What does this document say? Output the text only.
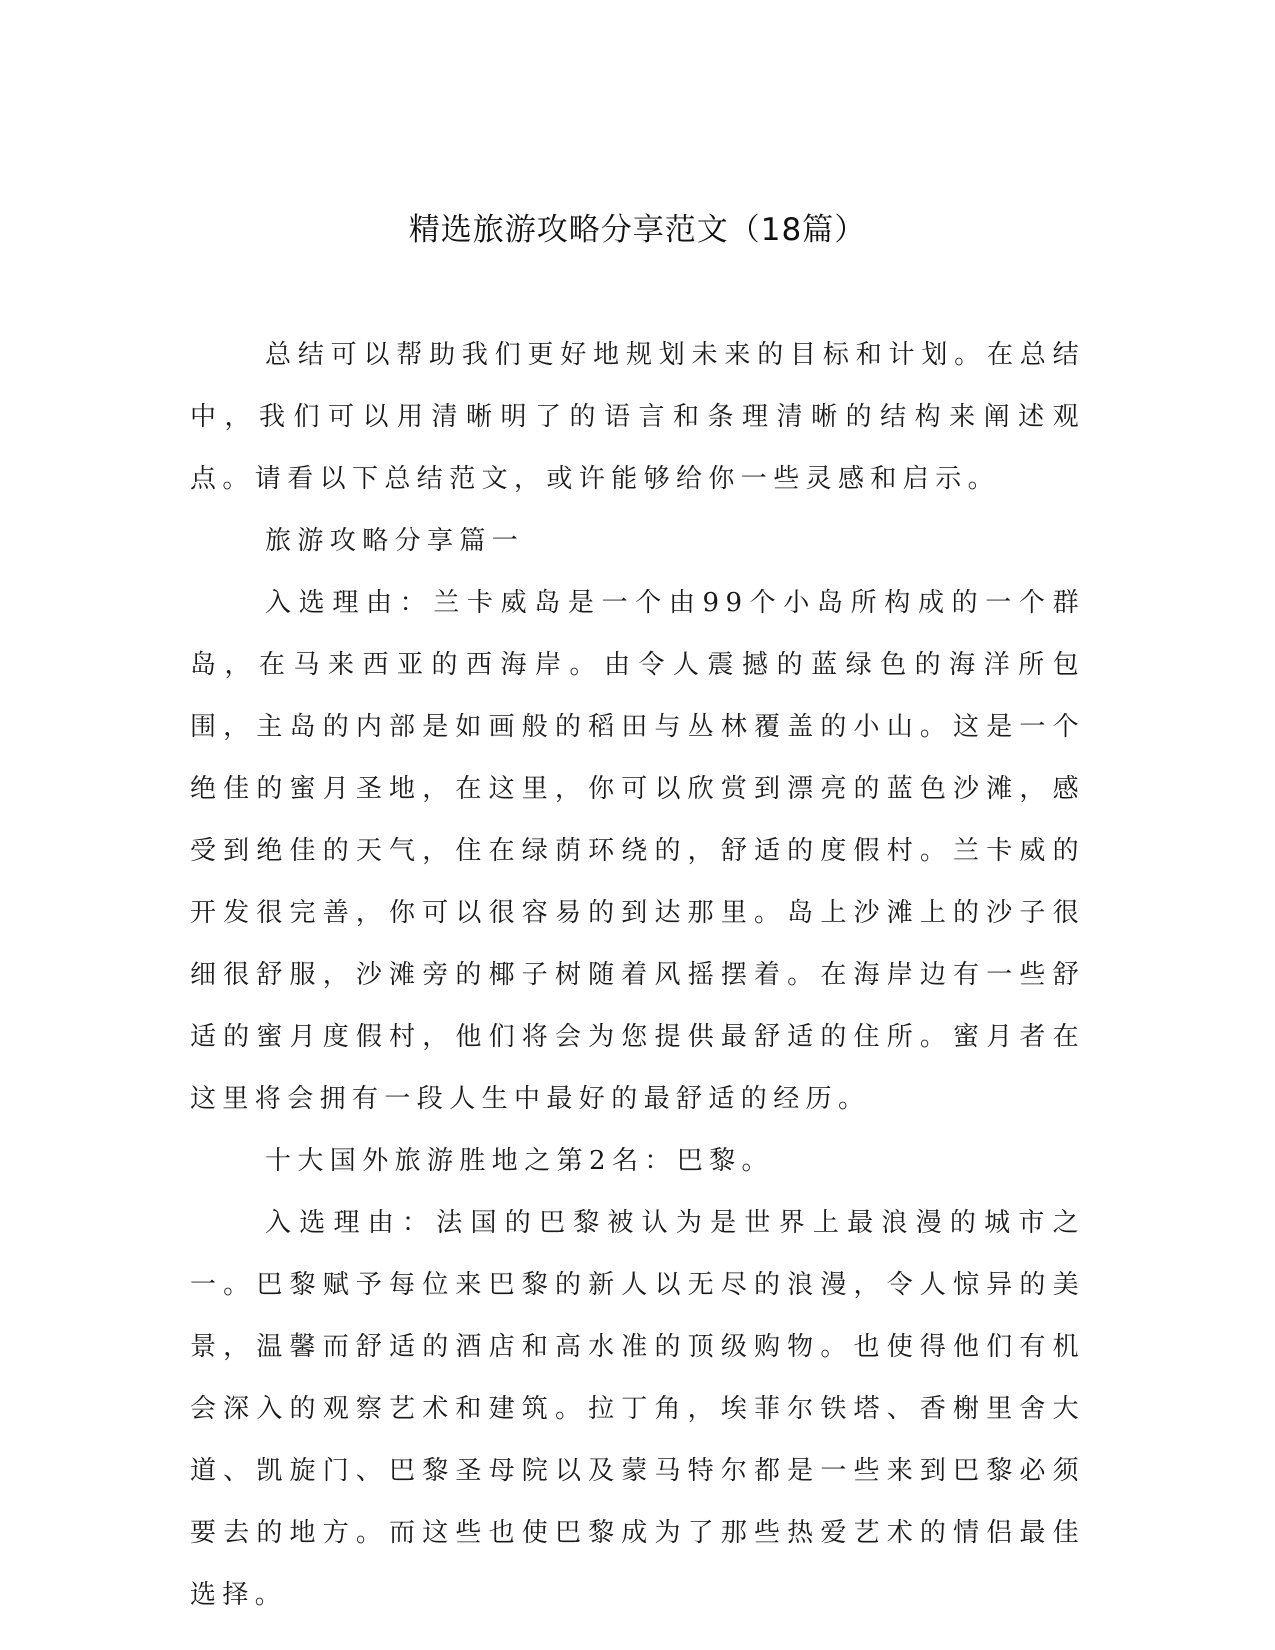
精选旅游攻略分享范文（18篇）

总结可以帮助我们更好地规划未来的目标和计划。在总结中，我们可以用清晰明了的语言和条理清晰的结构来阐述观点。请看以下总结范文，或许能够给你一些灵感和启示。

旅游攻略分享篇一

入选理由：兰卡威岛是一个由99个小岛所构成的一个群岛，在马来西亚的西海岸。由令人震撼的蓝绿色的海洋所包围，主岛的内部是如画般的稻田与丛林覆盖的小山。这是一个绝佳的蜜月圣地，在这里，你可以欣赏到漂亮的蓝色沙滩，感受到绝佳的天气，住在绿荫环绕的，舒适的度假村。兰卡威的开发很完善，你可以很容易的到达那里。岛上沙滩上的沙子很细很舒服，沙滩旁的椰子树随着风摇摆着。在海岸边有一些舒适的蜜月度假村，他们将会为您提供最舒适的住所。蜜月者在这里将会拥有一段人生中最好的最舒适的经历。

十大国外旅游胜地之第2名：巴黎。

入选理由：法国的巴黎被认为是世界上最浪漫的城市之一。巴黎赋予每位来巴黎的新人以无尽的浪漫，令人惊异的美景，温馨而舒适的酒店和高水准的顶级购物。也使得他们有机会深入的观察艺术和建筑。拉丁角，埃菲尔铁塔、香榭里舍大道、凯旋门、巴黎圣母院以及蒙马特尔都是一些来到巴黎必须要去的地方。而这些也使巴黎成为了那些热爱艺术的情侣最佳选择。
